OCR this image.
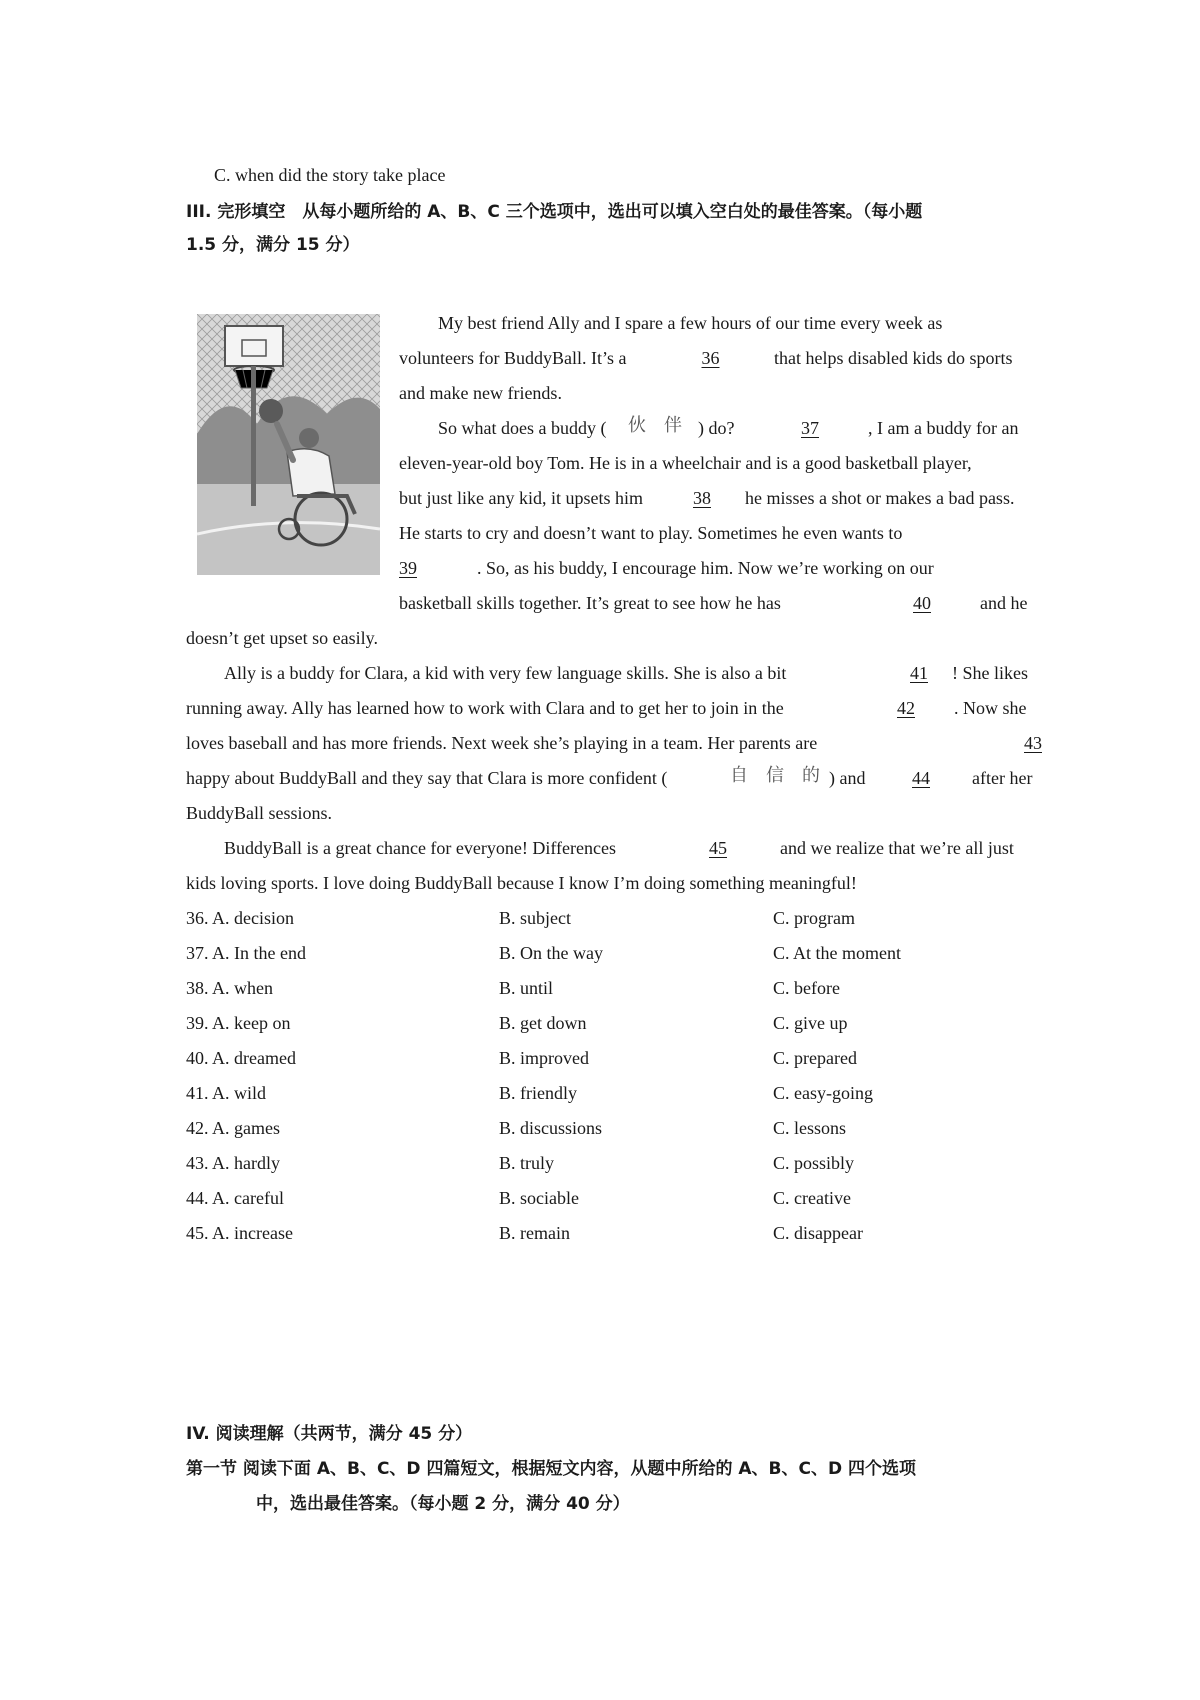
C. when did the story take place
III. 完形填空　从每小题所给的 A、B、C 三个选项中，选出可以填入空白处的最佳答案。（每小题
1.5 分，满分 15 分）
My best friend Ally and I spare a few hours of our time every week as
volunteers for BuddyBall. It’s a	36	that helps disabled kids do sports
and make new friends.
So what does a buddy ( 伙　伴 ) do?	37	, I am a buddy for an
eleven-year-old boy Tom. He is in a wheelchair and is a good basketball player,
but just like any kid, it upsets him	38	he misses a shot or makes a bad pass.
He starts to cry and doesn’t want to play. Sometimes he even wants to
39	. So, as his buddy, I encourage him. Now we’re working on our
basketball skills together. It’s great to see how he has	40	and he
doesn’t get upset so easily.
Ally is a buddy for Clara, a kid with very few language skills. She is also a bit	41	! She likes
running away. Ally has learned how to work with Clara and to get her to join in the	42	. Now she
loves baseball and has more friends. Next week she’s playing in a team. Her parents are	43
happy about BuddyBall and they say that Clara is more confident (	自　信　的 ) and	44	after her
BuddyBall sessions.
BuddyBall is a great chance for everyone! Differences	45	and we realize that we’re all just
kids loving sports. I love doing BuddyBall because I know I’m doing something meaningful!
36. A. decision	B. subject	C. program
37. A. In the end	B. On the way	C. At the moment
38. A. when	B. until	C. before
39. A. keep on	B. get down	C. give up
40. A. dreamed	B. improved	C. prepared
41. A. wild	B. friendly	C. easy-going
42. A. games	B. discussions	C. lessons
43. A. hardly	B. truly	C. possibly
44. A. careful	B. sociable	C. creative
45. A. increase	B. remain	C. disappear
IV. 阅读理解（共两节，满分 45 分）
第一节 阅读下面 A、B、C、D 四篇短文，根据短文内容，从题中所给的 A、B、C、D 四个选项
中，选出最佳答案。（每小题 2 分，满分 40 分）
